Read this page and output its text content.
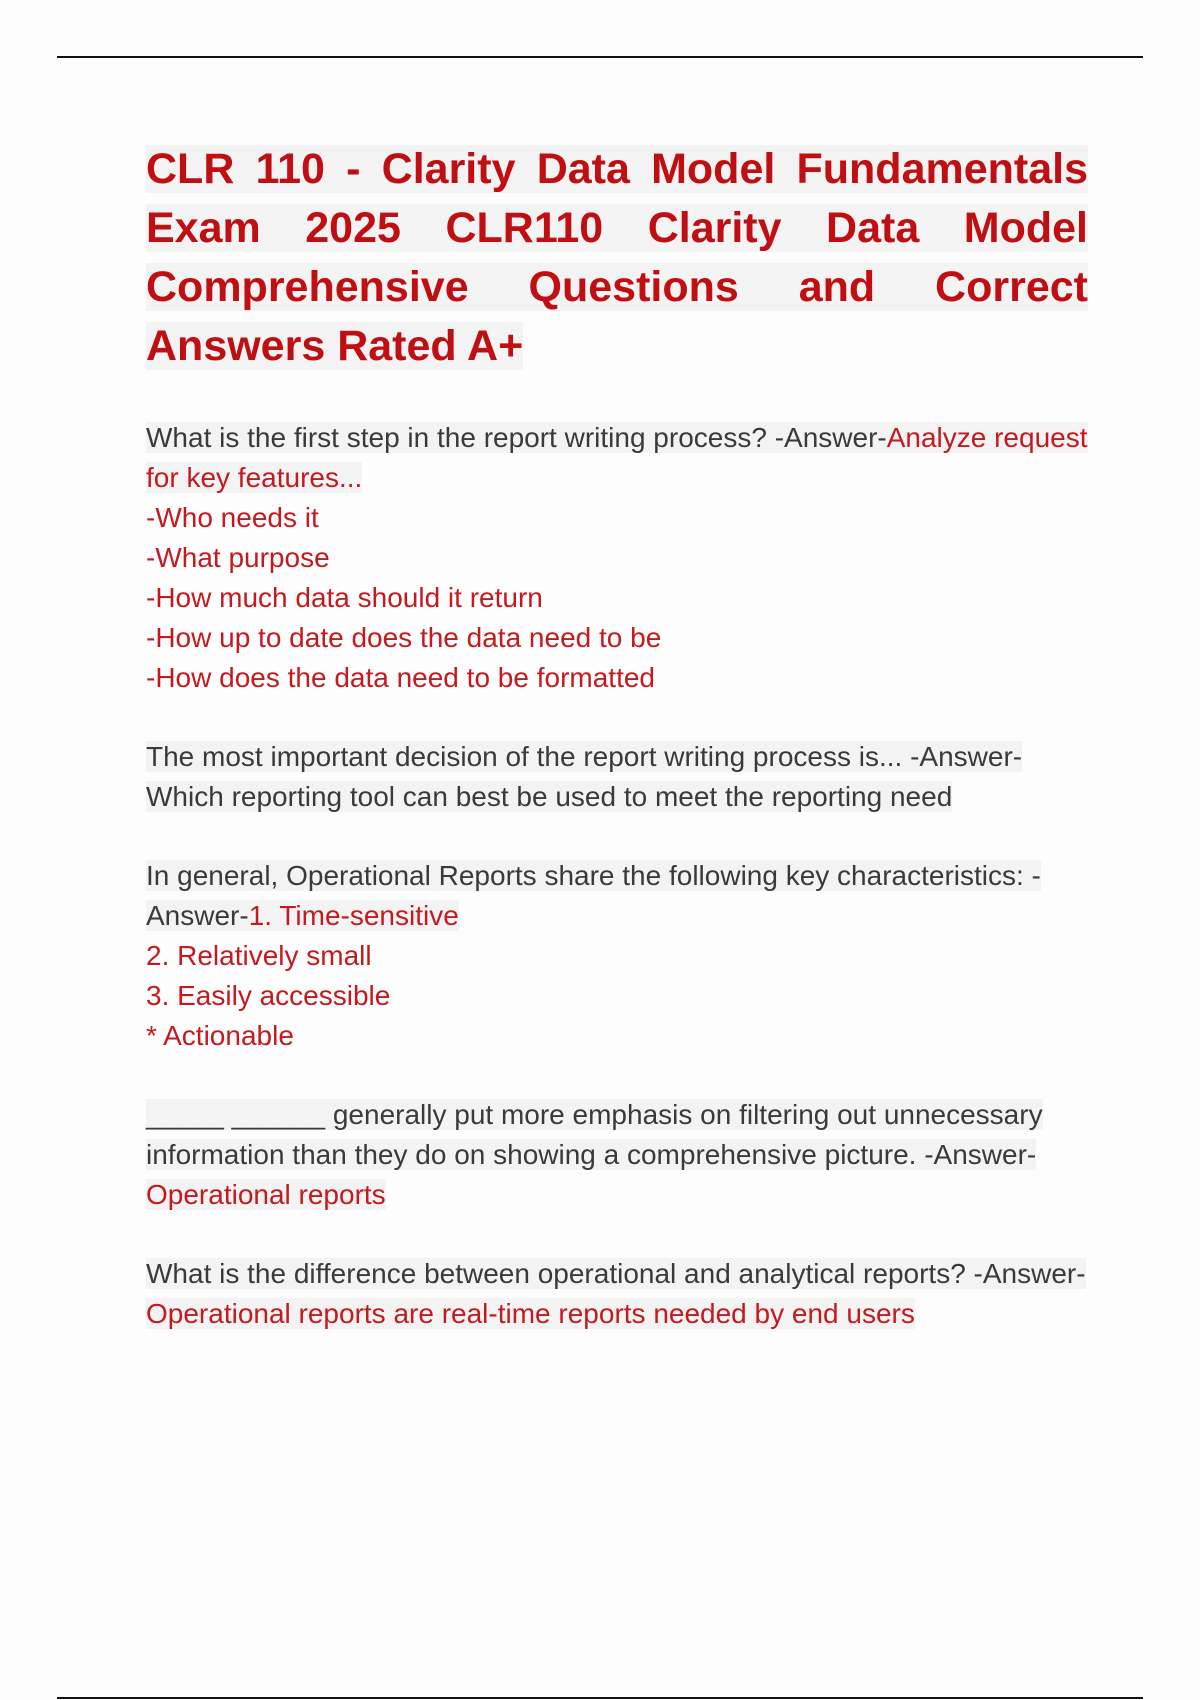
CLR 110 - Clarity Data Model Fundamentals Exam 2025 CLR110 Clarity Data Model Comprehensive Questions and Correct Answers Rated A+
What is the first step in the report writing process? -Answer-Analyze request for key features...
-Who needs it
-What purpose
-How much data should it return
-How up to date does the data need to be
-How does the data need to be formatted
The most important decision of the report writing process is... -Answer-Which reporting tool can best be used to meet the reporting need
In general, Operational Reports share the following key characteristics: -Answer-1. Time-sensitive
2. Relatively small
3. Easily accessible
* Actionable
_____ ______ generally put more emphasis on filtering out unnecessary information than they do on showing a comprehensive picture. -Answer-Operational reports
What is the difference between operational and analytical reports? -Answer-Operational reports are real-time reports needed by end users
